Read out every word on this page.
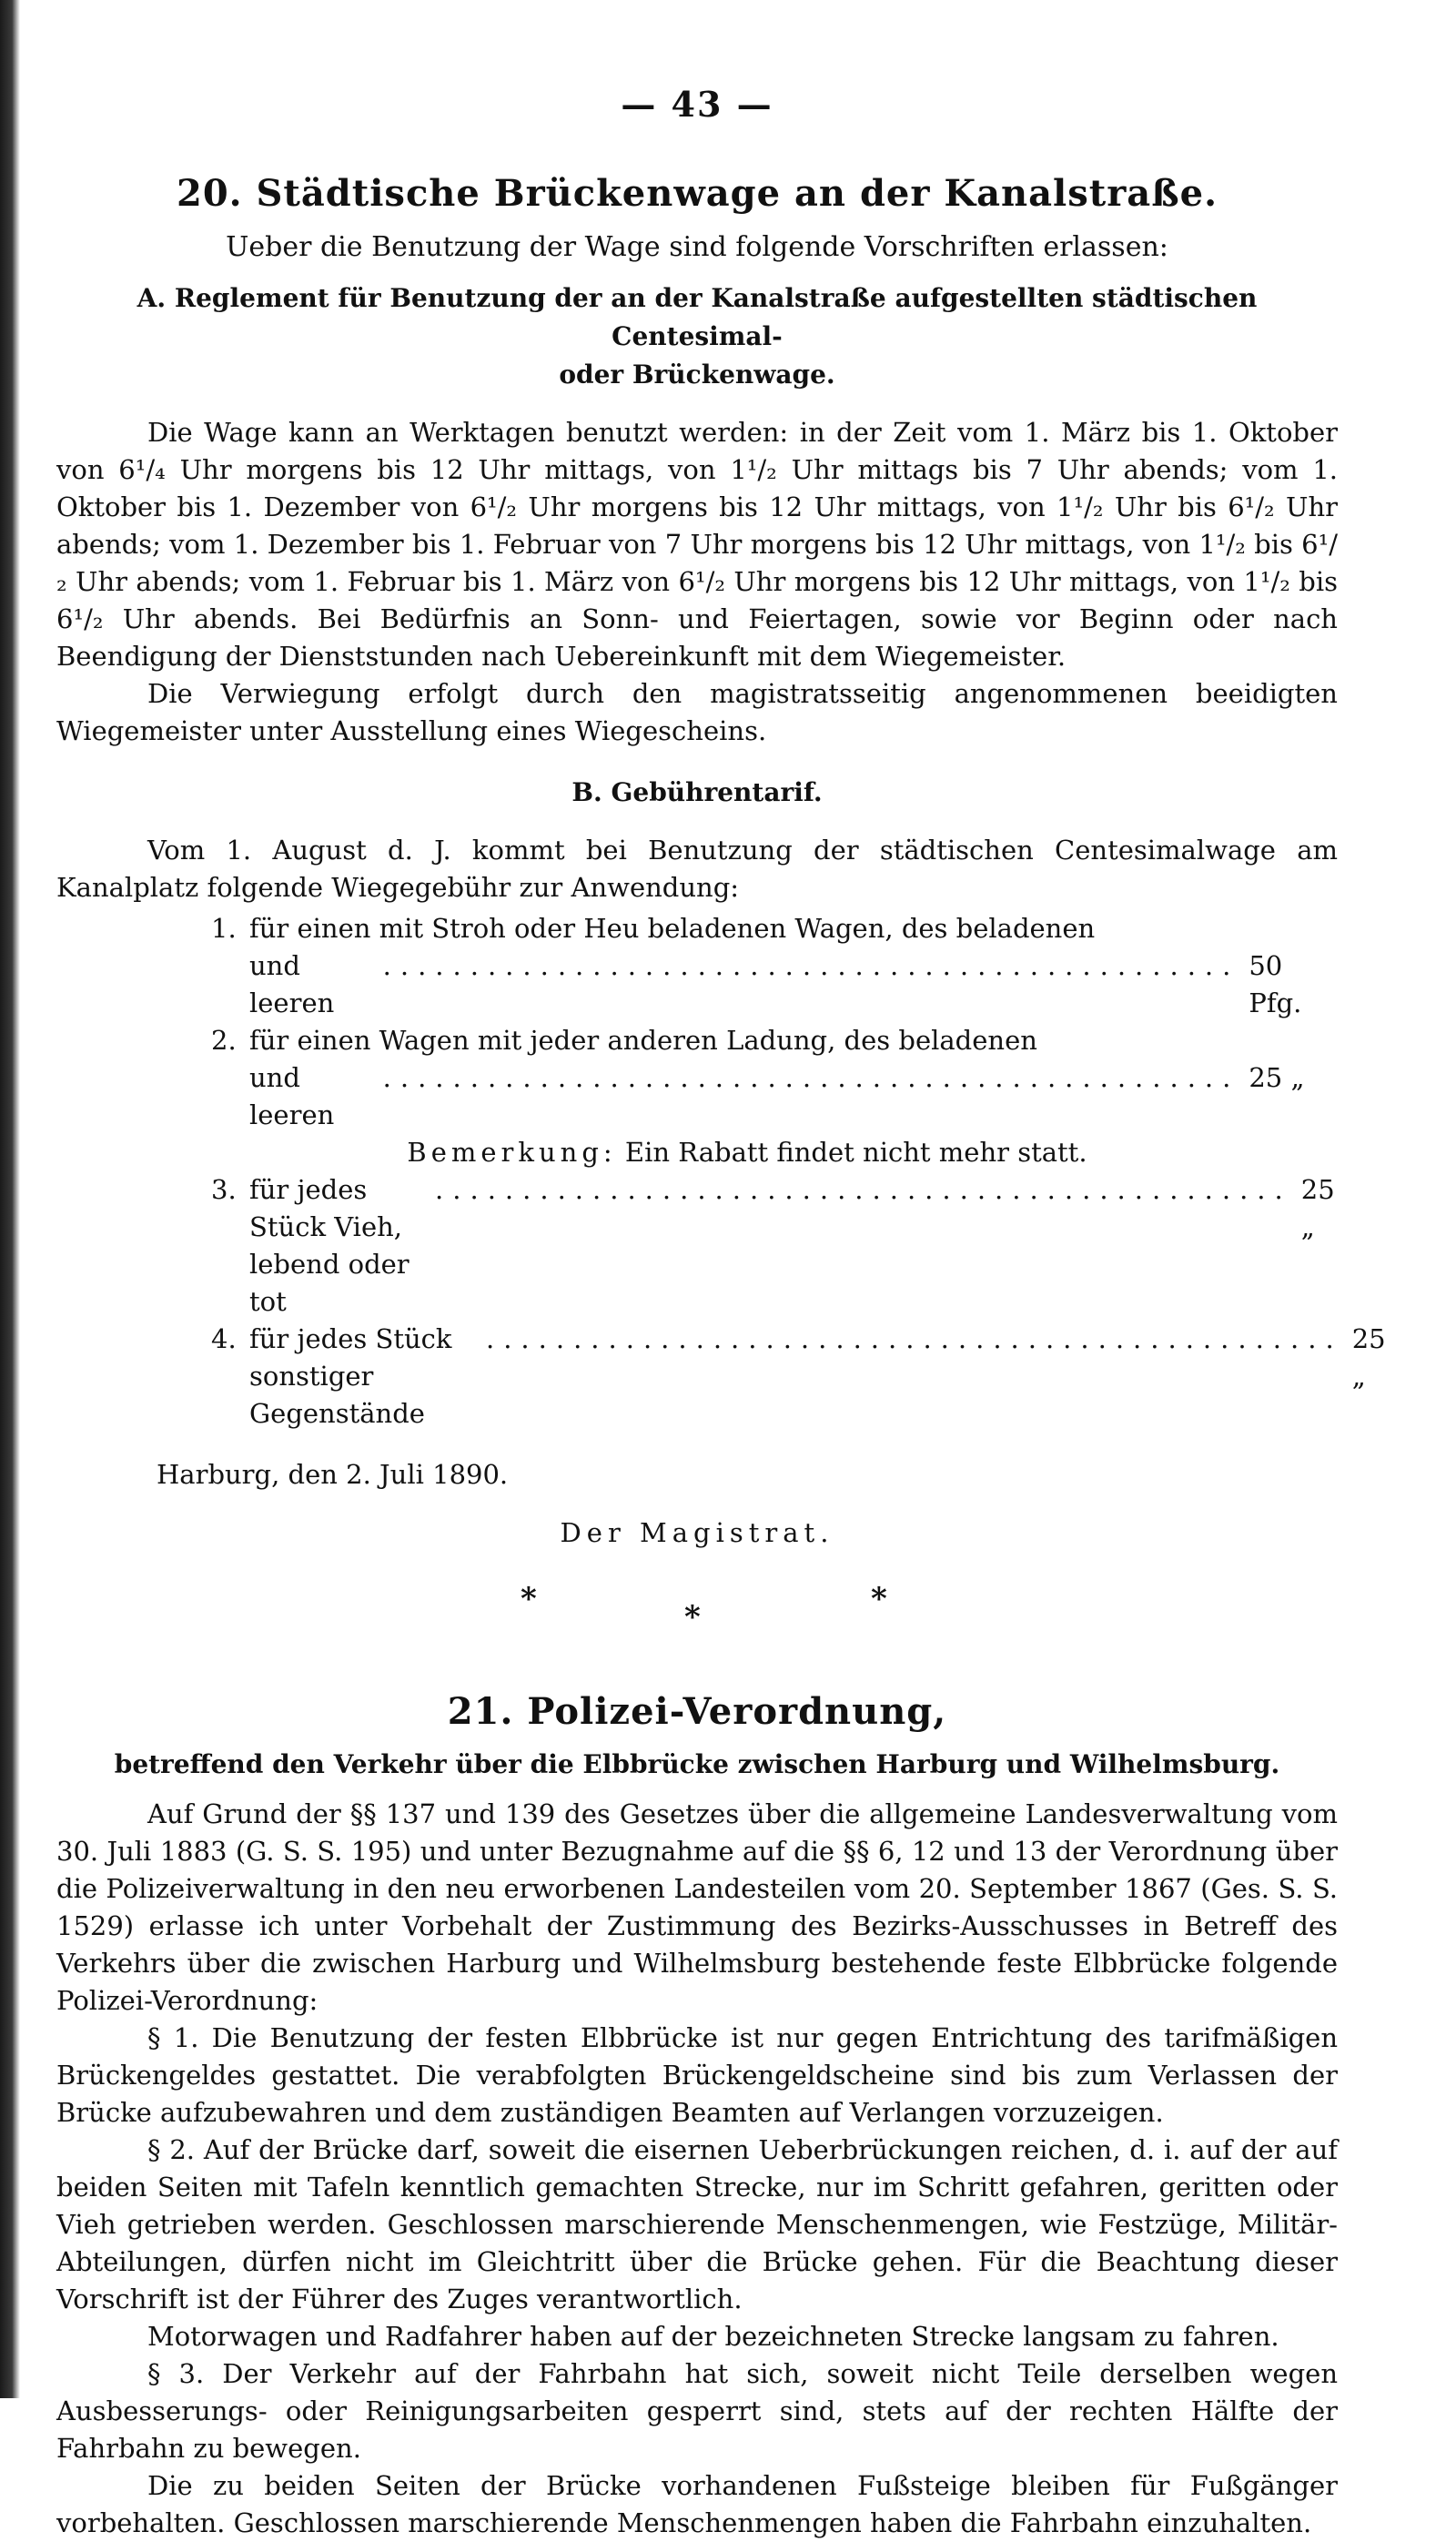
— 43 —
20. Städtische Brückenwage an der Kanalstraße.
Ueber die Benutzung der Wage sind folgende Vorschriften erlassen:
A. Reglement für Benutzung der an der Kanalstraße aufgestellten städtischen Centesimal-
oder Brückenwage.

Die Wage kann an Werktagen benutzt werden: in der Zeit vom 1. März bis 1. Oktober von 6¹/₄ Uhr morgens bis 12 Uhr mittags, von 1¹/₂ Uhr mittags bis 7 Uhr abends; vom 1. Oktober bis 1. Dezember von 6¹/₂ Uhr morgens bis 12 Uhr mittags, von 1¹/₂ Uhr bis 6¹/₂ Uhr abends; vom 1. Dezember bis 1. Februar von 7 Uhr morgens bis 12 Uhr mittags, von 1¹/₂ bis 6¹/₂ Uhr abends; vom 1. Februar bis 1. März von 6¹/₂ Uhr morgens bis 12 Uhr mittags, von 1¹/₂ bis 6¹/₂ Uhr abends. Bei Bedürfnis an Sonn- und Feiertagen, sowie vor Beginn oder nach Beendigung der Dienststunden nach Uebereinkunft mit dem Wiegemeister.

Die Verwiegung erfolgt durch den magistratsseitig angenommenen beeidigten Wiegemeister unter Ausstellung eines Wiegescheins.

B. Gebührentarif.

Vom 1. August d. J. kommt bei Benutzung der städtischen Centesimalwage am Kanalplatz folgende Wiegegebühr zur Anwendung:

1. für einen mit Stroh oder Heu beladenen Wagen, des beladenen
und leeren
................................................. 50 Pfg.
2. für einen Wagen mit jeder anderen Ladung, des beladenen
und leeren
................................................. 25 „

Bemerkung: Ein Rabatt findet nicht mehr statt.

3. für jedes Stück Vieh, lebend oder tot
................................................. 25 „
4. für jedes Stück sonstiger Gegenstände
................................................. 25 „

Harburg, den 2. Juli 1890.

Der Magistrat.
*	*	*
21. Polizei-Verordnung,
betreffend den Verkehr über die Elbbrücke zwischen Harburg und Wilhelmsburg.

Auf Grund der §§ 137 und 139 des Gesetzes über die allgemeine Landesverwaltung vom 30. Juli 1883 (G. S. S. 195) und unter Bezugnahme auf die §§ 6, 12 und 13 der Verordnung über die Polizeiverwaltung in den neu erworbenen Landesteilen vom 20. September 1867 (Ges. S. S. 1529) erlasse ich unter Vorbehalt der Zustimmung des Bezirks-Ausschusses in Betreff des Verkehrs über die zwischen Harburg und Wilhelmsburg bestehende feste Elbbrücke folgende Polizei-Verordnung:

§ 1. Die Benutzung der festen Elbbrücke ist nur gegen Entrichtung des tarifmäßigen Brückengeldes gestattet. Die verabfolgten Brückengeldscheine sind bis zum Verlassen der Brücke aufzubewahren und dem zuständigen Beamten auf Verlangen vorzuzeigen.

§ 2. Auf der Brücke darf, soweit die eisernen Ueberbrückungen reichen, d. i. auf der auf beiden Seiten mit Tafeln kenntlich gemachten Strecke, nur im Schritt gefahren, geritten oder Vieh getrieben werden. Geschlossen marschierende Menschenmengen, wie Festzüge, Militär-Abteilungen, dürfen nicht im Gleichtritt über die Brücke gehen. Für die Beachtung dieser Vorschrift ist der Führer des Zuges verantwortlich.

Motorwagen und Radfahrer haben auf der bezeichneten Strecke langsam zu fahren.

§ 3. Der Verkehr auf der Fahrbahn hat sich, soweit nicht Teile derselben wegen Ausbesserungs- oder Reinigungsarbeiten gesperrt sind, stets auf der rechten Hälfte der Fahrbahn zu bewegen.

Die zu beiden Seiten der Brücke vorhandenen Fußsteige bleiben für Fußgänger vorbehalten. Geschlossen marschierende Menschenmengen haben die Fahrbahn einzuhalten.
